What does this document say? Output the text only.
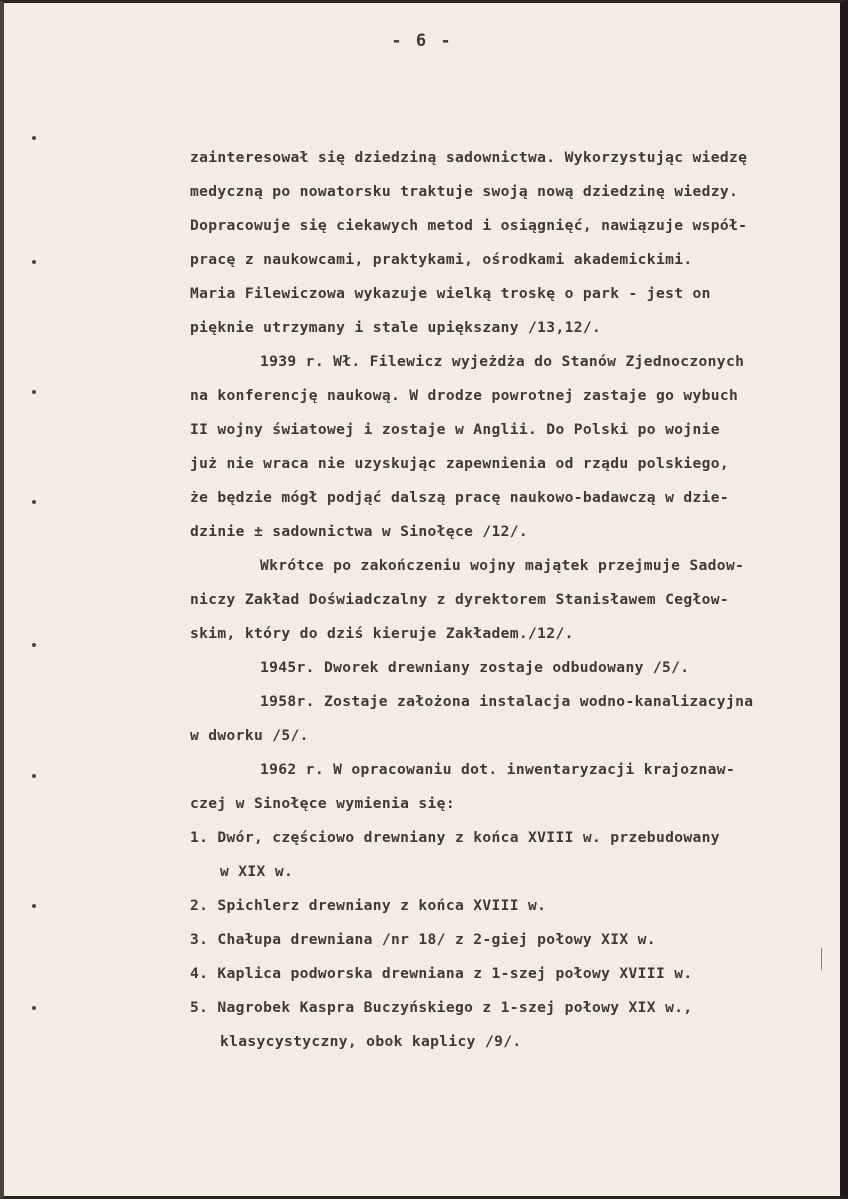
- 6 -
zainteresował się dziedziną sadownictwa. Wykorzystując wiedzę
medyczną po nowatorsku traktuje swoją nową dziedzinę wiedzy.
Dopracowuje się ciekawych metod i osiągnięć, nawiązuje współ-
pracę z naukowcami, praktykami, ośrodkami akademickimi.
Maria Filewiczowa wykazuje wielką troskę o park - jest on
pięknie utrzymany i stale upiększany /13,12/.
1939 r. Wł. Filewicz wyjeżdża do Stanów Zjednoczonych
na konferencję naukową. W drodze powrotnej zastaje go wybuch
II wojny światowej i zostaje w Anglii. Do Polski po wojnie
już nie wraca nie uzyskując zapewnienia od rządu polskiego,
że będzie mógł podjąć dalszą pracę naukowo-badawczą w dzie-
dzinie ± sadownictwa w Sinołęce /12/.
Wkrótce po zakończeniu wojny majątek przejmuje Sadow-
niczy Zakład Doświadczalny z dyrektorem Stanisławem Cegłow-
skim, który do dziś kieruje Zakładem./12/.
1945r. Dworek drewniany zostaje odbudowany /5/.
1958r. Zostaje założona instalacja wodno-kanalizacyjna
w dworku /5/.
1962 r. W opracowaniu dot. inwentaryzacji krajoznaw-
czej w Sinołęce wymienia się:
1. Dwór, częściowo drewniany z końca XVIII w. przebudowany
w XIX w.
2. Spichlerz drewniany z końca XVIII w.
3. Chałupa drewniana /nr 18/ z 2-giej połowy XIX w.
4. Kaplica podworska drewniana z 1-szej połowy XVIII w.
5. Nagrobek Kaspra Buczyńskiego z 1-szej połowy XIX w.,
klasycystyczny, obok kaplicy /9/.
